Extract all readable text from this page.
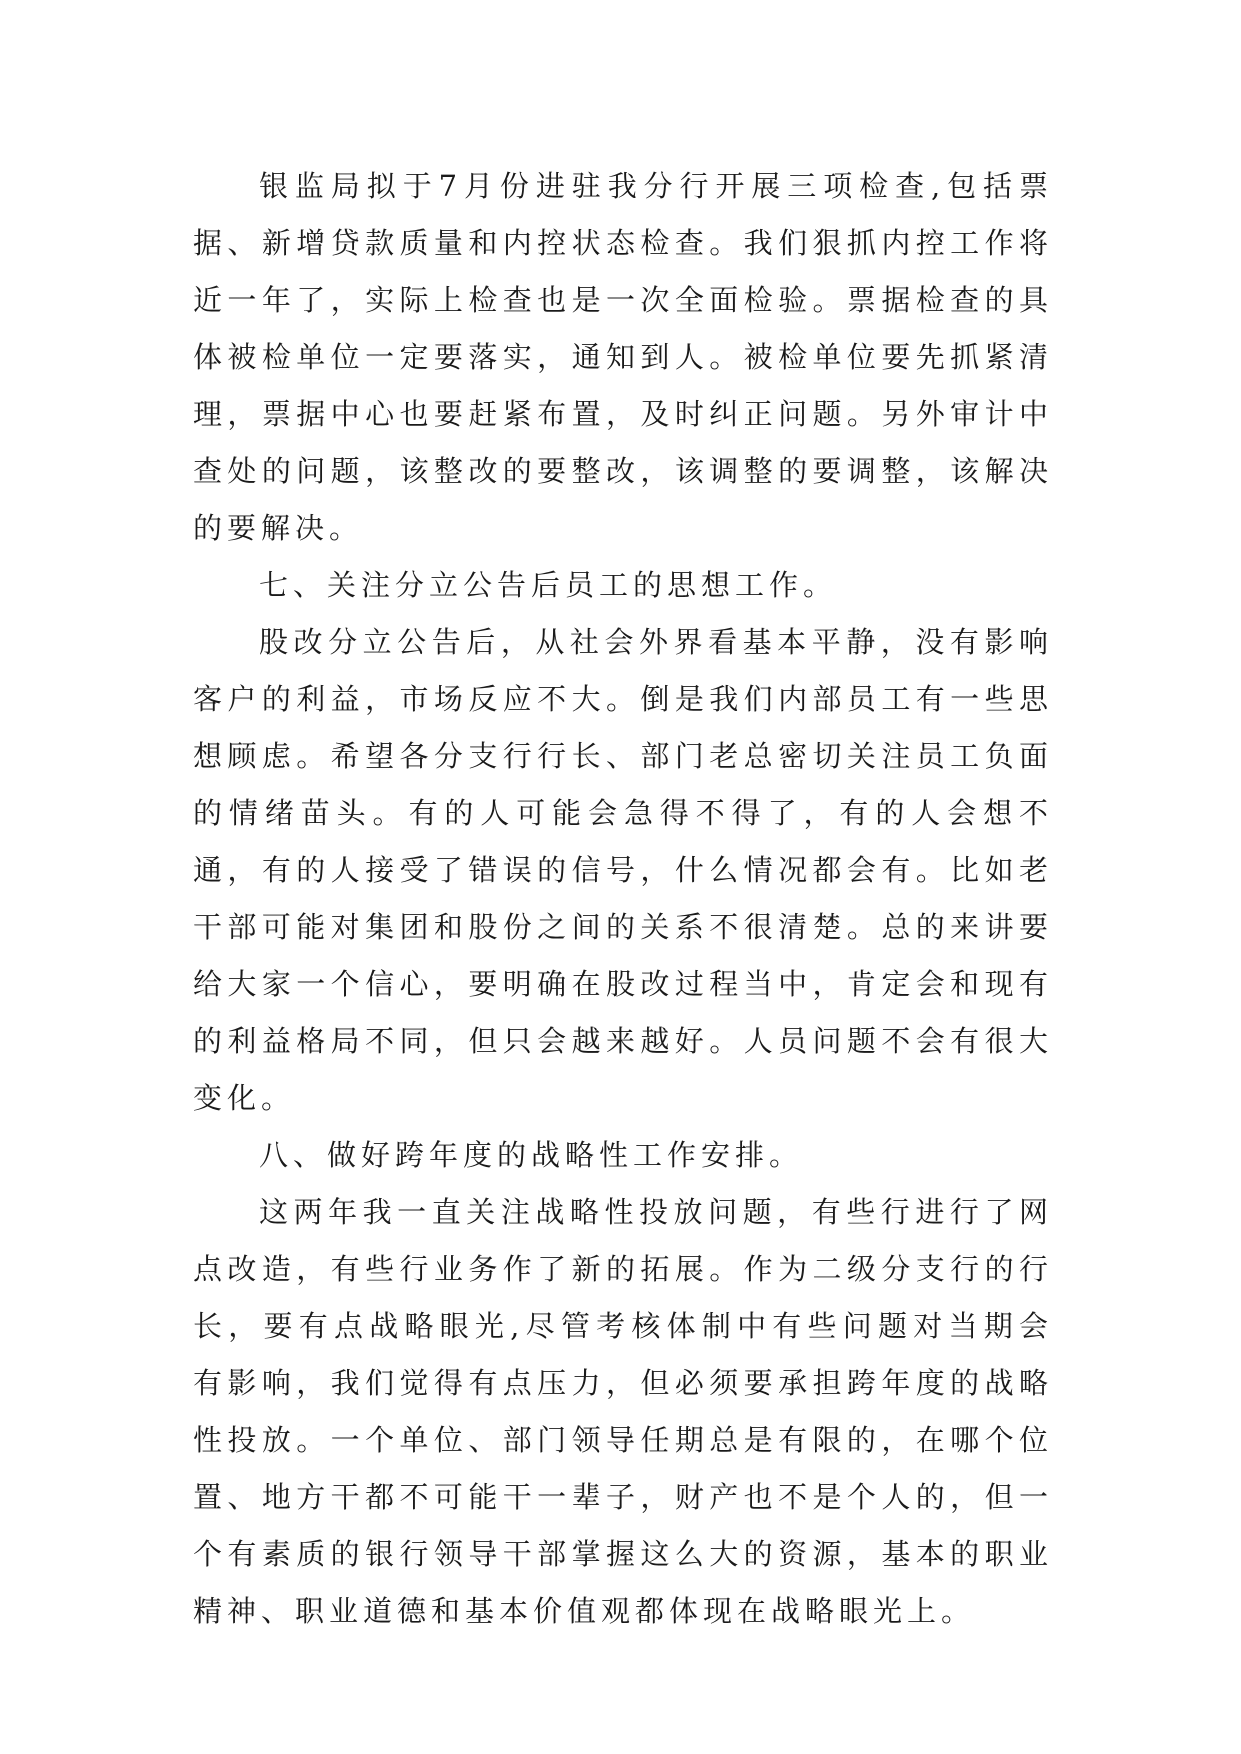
银监局拟于7月份进驻我分行开展三项检查,包括票据、新增贷款质量和内控状态检查。我们狠抓内控工作将近一年了，实际上检查也是一次全面检验。票据检查的具体被检单位一定要落实，通知到人。被检单位要先抓紧清理，票据中心也要赶紧布置，及时纠正问题。另外审计中查处的问题，该整改的要整改，该调整的要调整，该解决的要解决。

七、关注分立公告后员工的思想工作。

股改分立公告后，从社会外界看基本平静，没有影响客户的利益，市场反应不大。倒是我们内部员工有一些思想顾虑。希望各分支行行长、部门老总密切关注员工负面的情绪苗头。有的人可能会急得不得了，有的人会想不通，有的人接受了错误的信号，什么情况都会有。比如老干部可能对集团和股份之间的关系不很清楚。总的来讲要给大家一个信心，要明确在股改过程当中，肯定会和现有的利益格局不同，但只会越来越好。人员问题不会有很大变化。

八、做好跨年度的战略性工作安排。

这两年我一直关注战略性投放问题，有些行进行了网点改造，有些行业务作了新的拓展。作为二级分支行的行长，要有点战略眼光,尽管考核体制中有些问题对当期会有影响，我们觉得有点压力，但必须要承担跨年度的战略性投放。一个单位、部门领导任期总是有限的，在哪个位置、地方干都不可能干一辈子，财产也不是个人的，但一个有素质的银行领导干部掌握这么大的资源，基本的职业精神、职业道德和基本价值观都体现在战略眼光上。
